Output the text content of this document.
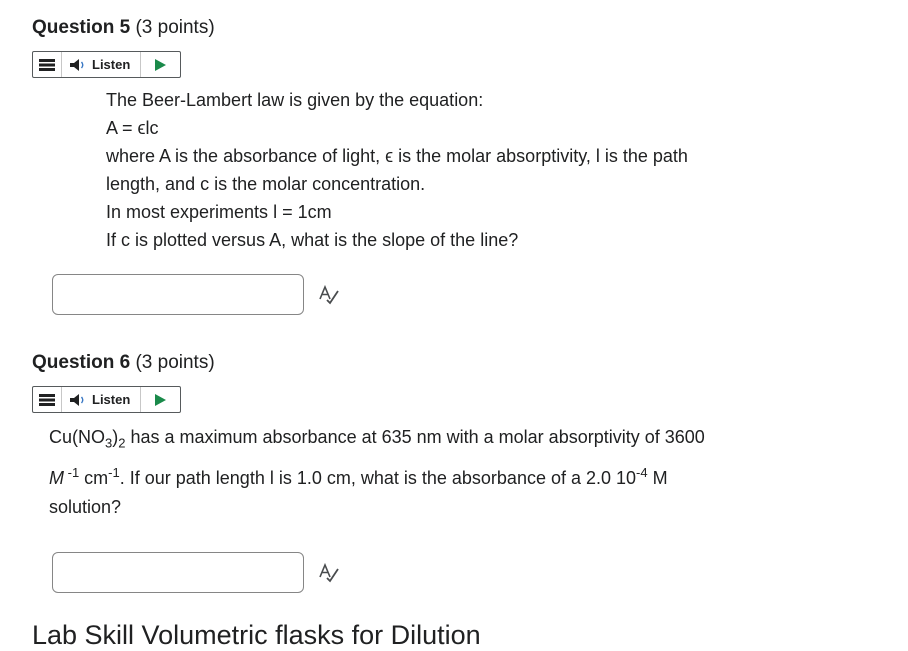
Question 5 (3 points)
Listen
The Beer-Lambert law is given by the equation:
A = ϵlc
where A is the absorbance of light, ϵ is the molar absorptivity, l is the path
length, and c is the molar concentration.
In most experiments l = 1cm
If c is plotted versus A, what is the slope of the line?
Question 6 (3 points)
Listen
$Cu(NO_3)_2$ has a maximum absorbance at 635 nm with a molar absorptivity of 3600
M $^{-1}$ $cm^{-1}$. If our path length l is 1.0 cm, what is the absorbance of a 2.0 $10^{-4}$ M
solution?
Lab Skill Volumetric flasks for Dilution
